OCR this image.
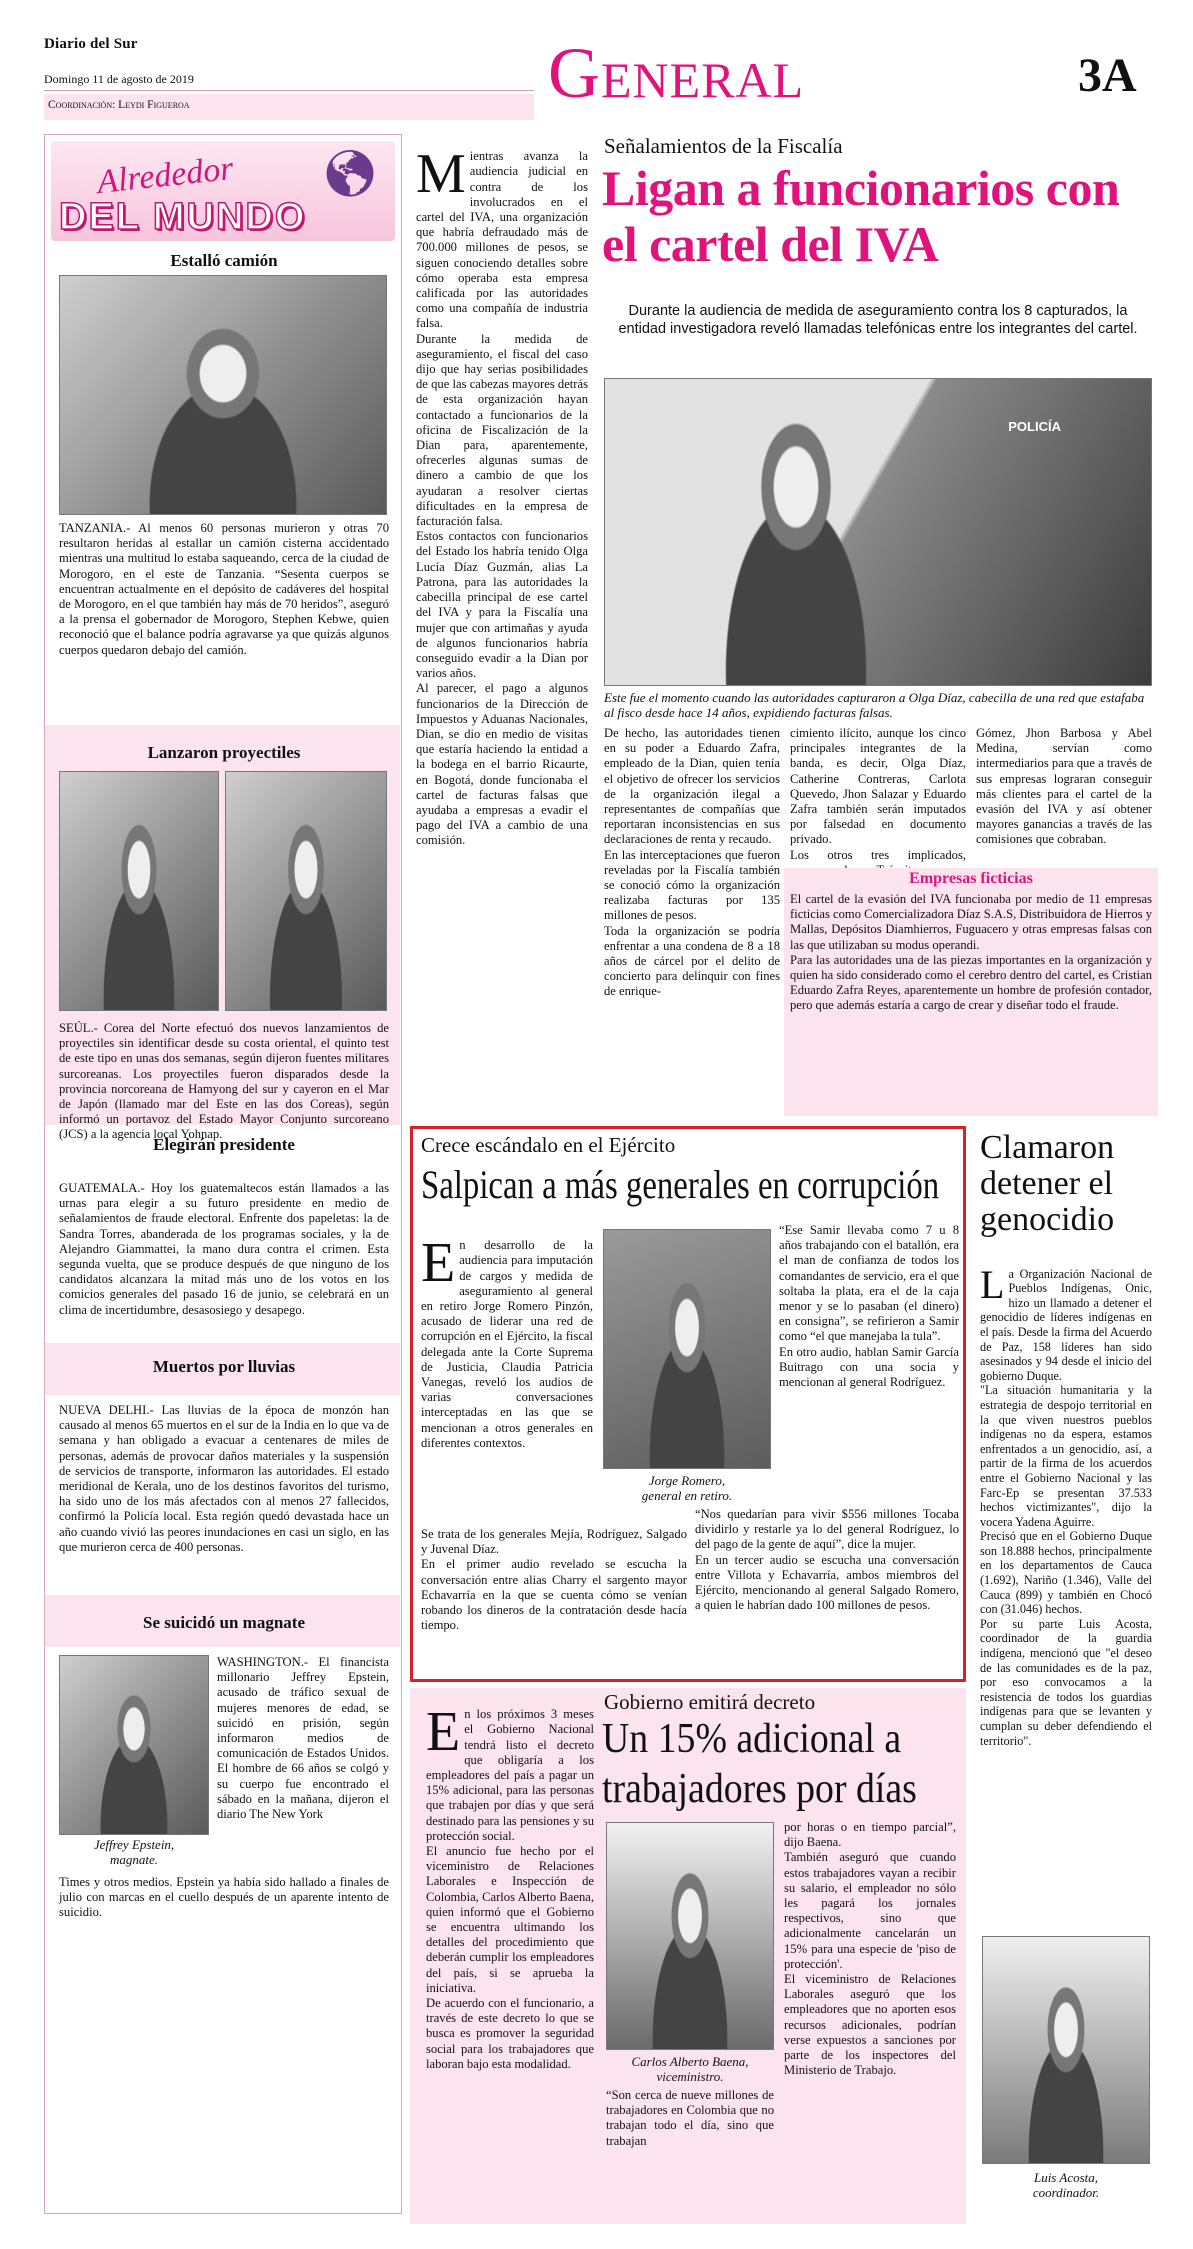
Diario del Sur
Domingo 11 de agosto de 2019
Coordinación: Leydi Figueroa	General	3A
🌎︎
Alrededor
DEL MUNDO
Estalló camión
TANZANIA.- Al menos 60 personas murieron y otras 70 resultaron heridas al estallar un camión cisterna accidentado mientras una multitud lo estaba saqueando, cerca de la ciudad de Morogoro, en el este de Tanzania. “Sesenta cuerpos se encuentran actualmente en el depósito de cadáveres del hospital de Morogoro, en el que también hay más de 70 heridos”, aseguró a la prensa el gobernador de Morogoro, Stephen Kebwe, quien reconoció que el balance podría agravarse ya que quizás algunos cuerpos quedaron debajo del camión.
Lanzaron proyectiles
SEÚL.- Corea del Norte efectuó dos nuevos lanzamientos de proyectiles sin identificar desde su costa oriental, el quinto test de este tipo en unas dos semanas, según dijeron fuentes militares surcoreanas. Los proyectiles fueron disparados desde la provincia norcoreana de Hamyong del sur y cayeron en el Mar de Japón (llamado mar del Este en las dos Coreas), según informó un portavoz del Estado Mayor Conjunto surcoreano (JCS) a la agencia local Yohnap.
Elegirán presidente
GUATEMALA.- Hoy los guatemaltecos están llamados a las urnas para elegir a su futuro presidente en medio de señalamientos de fraude electoral. Enfrente dos papeletas: la de Sandra Torres, abanderada de los programas sociales, y la de Alejandro Giammattei, la mano dura contra el crimen. Esta segunda vuelta, que se produce después de que ninguno de los candidatos alcanzara la mitad más uno de los votos en los comicios generales del pasado 16 de junio, se celebrará en un clima de incertidumbre, desasosiego y desapego.
Muertos por lluvias
NUEVA DELHI.- Las lluvias de la época de monzón han causado al menos 65 muertos en el sur de la India en lo que va de semana y han obligado a evacuar a centenares de miles de personas, además de provocar daños materiales y la suspensión de servicios de transporte, informaron las autoridades. El estado meridional de Kerala, uno de los destinos favoritos del turismo, ha sido uno de los más afectados con al menos 27 fallecidos, confirmó la Policía local. Esta región quedó devastada hace un año cuando vivió las peores inundaciones en casi un siglo, en las que murieron cerca de 400 personas.
Se suicidó un magnate
Jeffrey Epstein,
magnate.
WASHINGTON.- El financista millonario Jeffrey Epstein, acusado de tráfico sexual de mujeres menores de edad, se suicidó en prisión, según informaron medios de comunicación de Estados Unidos. El hombre de 66 años se colgó y su cuerpo fue encontrado el sábado en la mañana, dijeron el diario The New York
Times y otros medios. Epstein ya había sido hallado a finales de julio con marcas en el cuello después de un aparente intento de suicidio.

Mientras avanza la audiencia judicial en contra de los involucrados en el cartel del IVA, una organización que habría defraudado más de 700.000 millones de pesos, se siguen conociendo detalles sobre cómo operaba esta empresa calificada por las autoridades como una compañía de industria falsa.
Durante la medida de aseguramiento, el fiscal del caso dijo que hay serias posibilidades de que las cabezas mayores detrás de esta organización hayan contactado a funcionarios de la oficina de Fiscalización de la Dian para, aparentemente, ofrecerles algunas sumas de dinero a cambio de que los ayudaran a resolver ciertas dificultades en la empresa de facturación falsa.
Estos contactos con funcionarios del Estado los habría tenido Olga Lucía Díaz Guzmán, alias La Patrona, para las autoridades la cabecilla principal de ese cartel del IVA y para la Fiscalía una mujer que con artimañas y ayuda de algunos funcionarios habría conseguido evadir a la Dian por varios años.
Al parecer, el pago a algunos funcionarios de la Dirección de Impuestos y Aduanas Nacionales, Dian, se dio en medio de visitas que estaría haciendo la entidad a la bodega en el barrio Ricaurte, en Bogotá, donde funcionaba el cartel de facturas falsas que ayudaba a empresas a evadir el pago del IVA a cambio de una comisión.

Señalamientos de la Fiscalía
Ligan a funcionarios con el cartel del IVA
Durante la audiencia de medida de aseguramiento contra los 8 capturados, la entidad investigadora reveló llamadas telefónicas entre los integrantes del cartel.
POLICÍA
Este fue el momento cuando las autoridades capturaron a Olga Díaz, cabecilla de una red que estafaba al fisco desde hace 14 años, expidiendo facturas falsas.
De hecho, las autoridades tienen en su poder a Eduardo Zafra, empleado de la Dian, quien tenía el objetivo de ofrecer los servicios de la organización ilegal a representantes de compañías que reportaran inconsistencias en sus declaraciones de renta y recaudo.
En las interceptaciones que fueron reveladas por la Fiscalía también se conoció cómo la organización realizaba facturas por 135 millones de pesos.
Toda la organización se podría enfrentar a una condena de 8 a 18 años de cárcel por el delito de concierto para delinquir con fines de enrique-
cimiento ilícito, aunque los cinco principales integrantes de la banda, es decir, Olga Díaz, Catherine Contreras, Carlota Quevedo, Jhon Salazar y Eduardo Zafra también serán imputados por falsedad en documento privado.
Los otros tres implicados,
Gómez, Jhon Barbosa y Abel Medina, servían como intermediarios para que a través de sus empresas lograran conseguir más clientes para el cartel de la evasión del IVA y así obtener mayores ganancias a través de las comisiones que cobraban.
Empresas ficticias
El cartel de la evasión del IVA funcionaba por medio de 11 empresas ficticias como Comercializadora Díaz S.A.S, Distribuidora de Hierros y Mallas, Depósitos Diamhierros, Fuguacero y otras empresas falsas con las que utilizaban su modus operandi.
Para las autoridades una de las piezas importantes en la organización y quien ha sido considerado como el cerebro dentro del cartel, es Cristian Eduardo Zafra Reyes, aparentemente un hombre de profesión contador, pero que además estaría a cargo de crear y diseñar todo el fraude.
Crece escándalo en el Ejército
Salpican a más generales en corrupción

En desarrollo de la audiencia para imputación de cargos y medida de aseguramiento al general en retiro Jorge Romero Pinzón, acusado de liderar una red de corrupción en el Ejército, la fiscal delegada ante la Corte Suprema de Justicia, Claudia Patricia Vanegas, reveló los audios de varias conversaciones interceptadas en las que se mencionan a otros generales en diferentes contextos.

Jorge Romero,
general en retiro.
“Ese Samir llevaba como 7 u 8 años trabajando con el batallón, era el man de confianza de todos los comandantes de servicio, era el que soltaba la plata, era el de la caja menor y se lo pasaban (el dinero) en consigna”, se refirieron a Samir como “el que manejaba la tula”.
En otro audio, hablan Samir García Buitrago con una socia y mencionan al general Rodríguez.
Se trata de los generales Mejía, Rodríguez, Salgado y Juvenal Díaz.
En el primer audio revelado se escucha la conversación entre alias Charry el sargento mayor Echavarría en la que se cuenta cómo se venían robando los dineros de la contratación desde hacía tiempo.
“Nos quedarían para vivir $556 millones Tocaba dividirlo y restarle ya lo del general Rodríguez, lo del pago de la gente de aquí”, dice la mujer.
En un tercer audio se escucha una conversación entre Villota y Echavarría, ambos miembros del Ejército, mencionando al general Salgado Romero, a quien le habrían dado 100 millones de pesos.
Clamaron detener el genocidio

La Organización Nacional de Pueblos Indígenas, Onic, hizo un llamado a detener el genocidio de líderes indígenas en el país. Desde la firma del Acuerdo de Paz, 158 líderes han sido asesinados y 94 desde el inicio del gobierno Duque.
"La situación humanitaria y la estrategia de despojo territorial en la que viven nuestros pueblos indígenas no da espera, estamos enfrentados a un genocidio, así, a partir de la firma de los acuerdos entre el Gobierno Nacional y las Farc-Ep se presentan 37.533 hechos victimizantes", dijo la vocera Yadena Aguirre.
Precisó que en el Gobierno Duque son 18.888 hechos, principalmente en los departamentos de Cauca (1.692), Nariño (1.346), Valle del Cauca (899) y también en Chocó con (31.046) hechos.
Por su parte Luis Acosta, coordinador de la guardia indígena, mencionó que "el deseo de las comunidades es de la paz, por eso convocamos a la resistencia de todos los guardias indígenas para que se levanten y cumplan su deber defendiendo el territorio".

Luis Acosta,
coordinador.

En los próximos 3 meses el Gobierno Nacional tendrá listo el decreto que obligaría a los empleadores del país a pagar un 15% adicional, para las personas que trabajen por días y que será destinado para las pensiones y su protección social.
El anuncio fue hecho por el viceministro de Relaciones Laborales e Inspección de Colombia, Carlos Alberto Baena, quien informó que el Gobierno se encuentra ultimando los detalles del procedimiento que deberán cumplir los empleadores del país, si se aprueba la iniciativa.
De acuerdo con el funcionario, a través de este decreto lo que se busca es promover la seguridad social para los trabajadores que laboran bajo esta modalidad.

Gobierno emitirá decreto
Un 15% adicional a trabajadores por días
Carlos Alberto Baena,
viceministro.
“Son cerca de nueve millones de trabajadores en Colombia que no trabajan todo el día, sino que trabajan
por horas o en tiempo parcial”, dijo Baena.
También aseguró que cuando estos trabajadores vayan a recibir su salario, el empleador no sólo les pagará los jornales respectivos, sino que adicionalmente cancelarán un 15% para una especie de 'piso de protección'.
El viceministro de Relaciones Laborales aseguró que los empleadores que no aporten esos recursos adicionales, podrían verse expuestos a sanciones por parte de los inspectores del Ministerio de Trabajo.
